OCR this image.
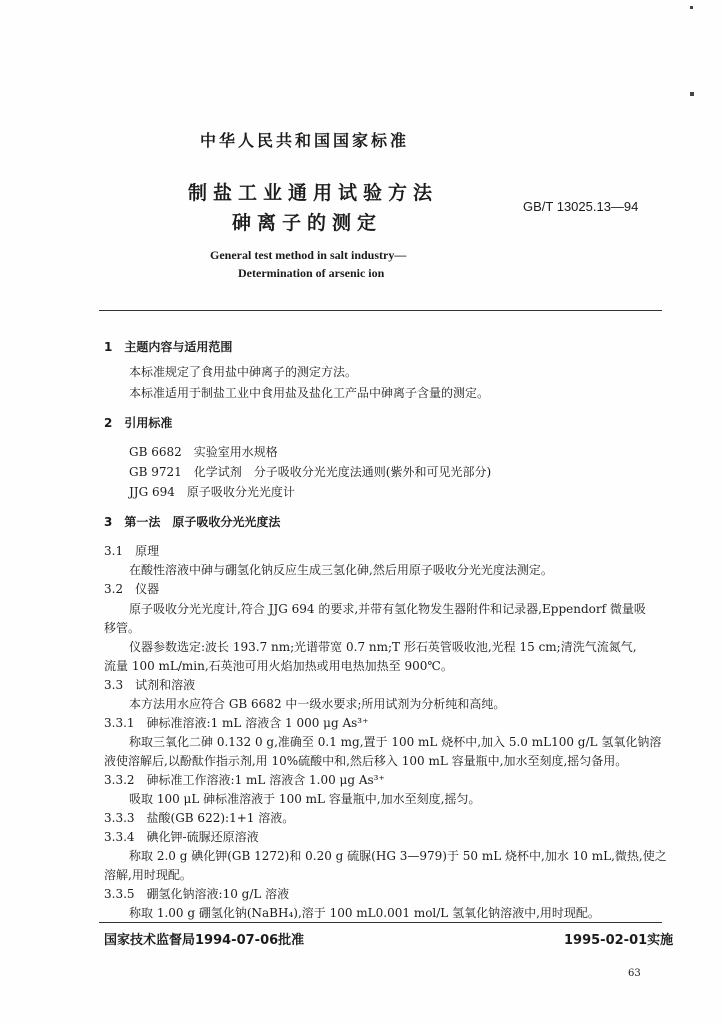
中华人民共和国国家标准
制盐工业通用试验方法
砷离子的测定
GB/T 13025.13—94
General test method in salt industry—
Determination of arsenic ion
1　主题内容与适用范围
本标准规定了食用盐中砷离子的测定方法。
本标准适用于制盐工业中食用盐及盐化工产品中砷离子含量的测定。
2　引用标准
GB 6682　实验室用水规格
GB 9721　化学试剂　分子吸收分光光度法通则(紫外和可见光部分)
JJG 694　原子吸收分光光度计
3　第一法　原子吸收分光光度法
3.1　原理
在酸性溶液中砷与硼氢化钠反应生成三氢化砷,然后用原子吸收分光光度法测定。
3.2　仪器
原子吸收分光光度计,符合 JJG 694 的要求,并带有氢化物发生器附件和记录器,Eppendorf 微量吸
移管。
仪器参数选定:波长 193.7 nm;光谱带宽 0.7 nm;T 形石英管吸收池,光程 15 cm;清洗气流氮气,
流量 100 mL/min,石英池可用火焰加热或用电热加热至 900℃。
3.3　试剂和溶液
本方法用水应符合 GB 6682 中一级水要求;所用试剂为分析纯和高纯。
3.3.1　砷标准溶液:1 mL 溶液含 1 000 μg As³⁺
称取三氧化二砷 0.132 0 g,准确至 0.1 mg,置于 100 mL 烧杯中,加入 5.0 mL100 g/L 氢氧化钠溶
液使溶解后,以酚酞作指示剂,用 10%硫酸中和,然后移入 100 mL 容量瓶中,加水至刻度,摇匀备用。
3.3.2　砷标准工作溶液:1 mL 溶液含 1.00 μg As³⁺
吸取 100 μL 砷标准溶液于 100 mL 容量瓶中,加水至刻度,摇匀。
3.3.3　盐酸(GB 622):1+1 溶液。
3.3.4　碘化钾-硫脲还原溶液
称取 2.0 g 碘化钾(GB 1272)和 0.20 g 硫脲(HG 3—979)于 50 mL 烧杯中,加水 10 mL,微热,使之
溶解,用时现配。
3.3.5　硼氢化钠溶液:10 g/L 溶液
称取 1.00 g 硼氢化钠(NaBH₄),溶于 100 mL0.001 mol/L 氢氧化钠溶液中,用时现配。
国家技术监督局1994-07-06批准	1995-02-01实施
63
